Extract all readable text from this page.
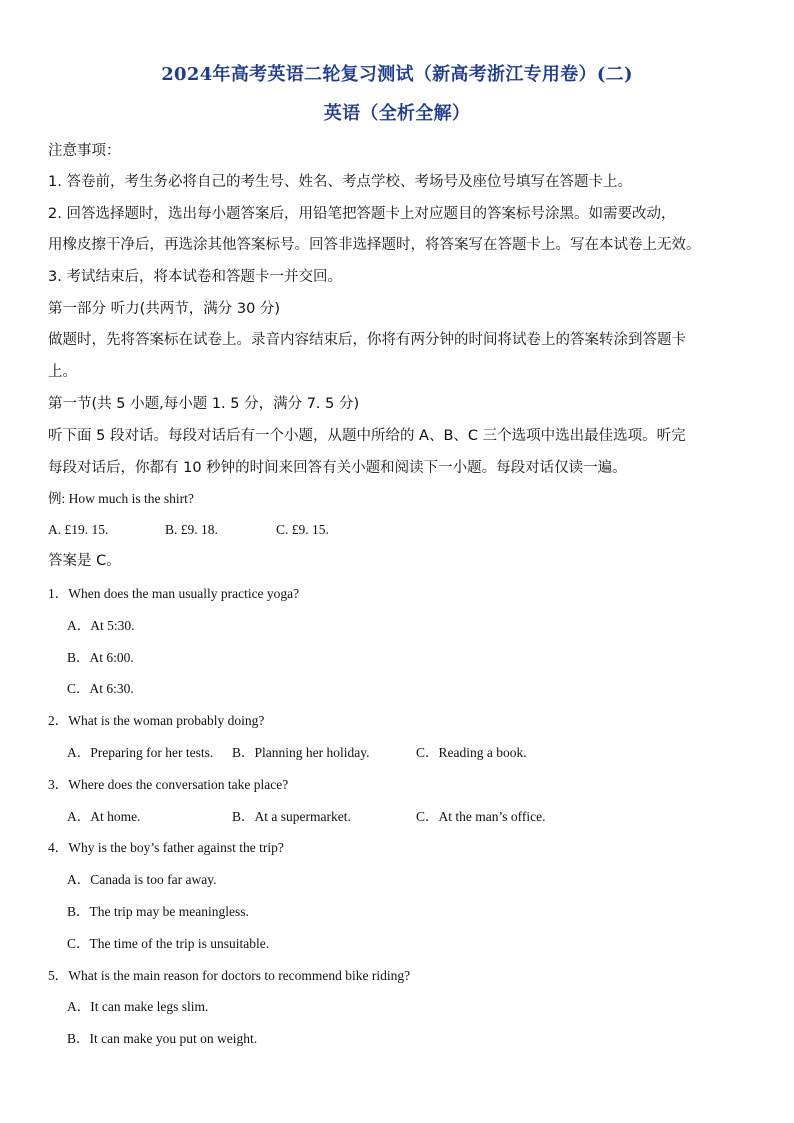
2024年高考英语二轮复习测试（新高考浙江专用卷）(二)
英语（全析全解）
注意事项：
1. 答卷前，考生务必将自己的考生号、姓名、考点学校、考场号及座位号填写在答题卡上。
2. 回答选择题时，选出每小题答案后，用铅笔把答题卡上对应题目的答案标号涂黑。如需要改动，
用橡皮擦干净后，再选涂其他答案标号。回答非选择题时，将答案写在答题卡上。写在本试卷上无效。
3. 考试结束后，将本试卷和答题卡一并交回。
第一部分 听力(共两节，满分 30 分)
做题时，先将答案标在试卷上。录音内容结束后，你将有两分钟的时间将试卷上的答案转涂到答题卡
上。
第一节(共 5 小题,每小题 1. 5 分，满分 7. 5 分)
听下面 5 段对话。每段对话后有一个小题，从题中所给的 A、B、C 三个选项中选出最佳选项。听完
每段对话后，你都有 10 秒钟的时间来回答有关小题和阅读下一小题。每段对话仅读一遍。
例: How much is the shirt?
A. £19. 15.	B. £9. 18.	C. £9. 15.
答案是 C。
1．When does the man usually practice yoga?
A．At 5:30.
B．At 6:00.
C．At 6:30.
2．What is the woman probably doing?
A．Preparing for her tests. B．Planning her holiday.	C．Reading a book.
3．Where does the conversation take place?
A．At home.	B．At a supermarket.	C．At the man’s office.
4．Why is the boy’s father against the trip?
A．Canada is too far away.
B．The trip may be meaningless.
C．The time of the trip is unsuitable.
5．What is the main reason for doctors to recommend bike riding?
A．It can make legs slim.
B．It can make you put on weight.
